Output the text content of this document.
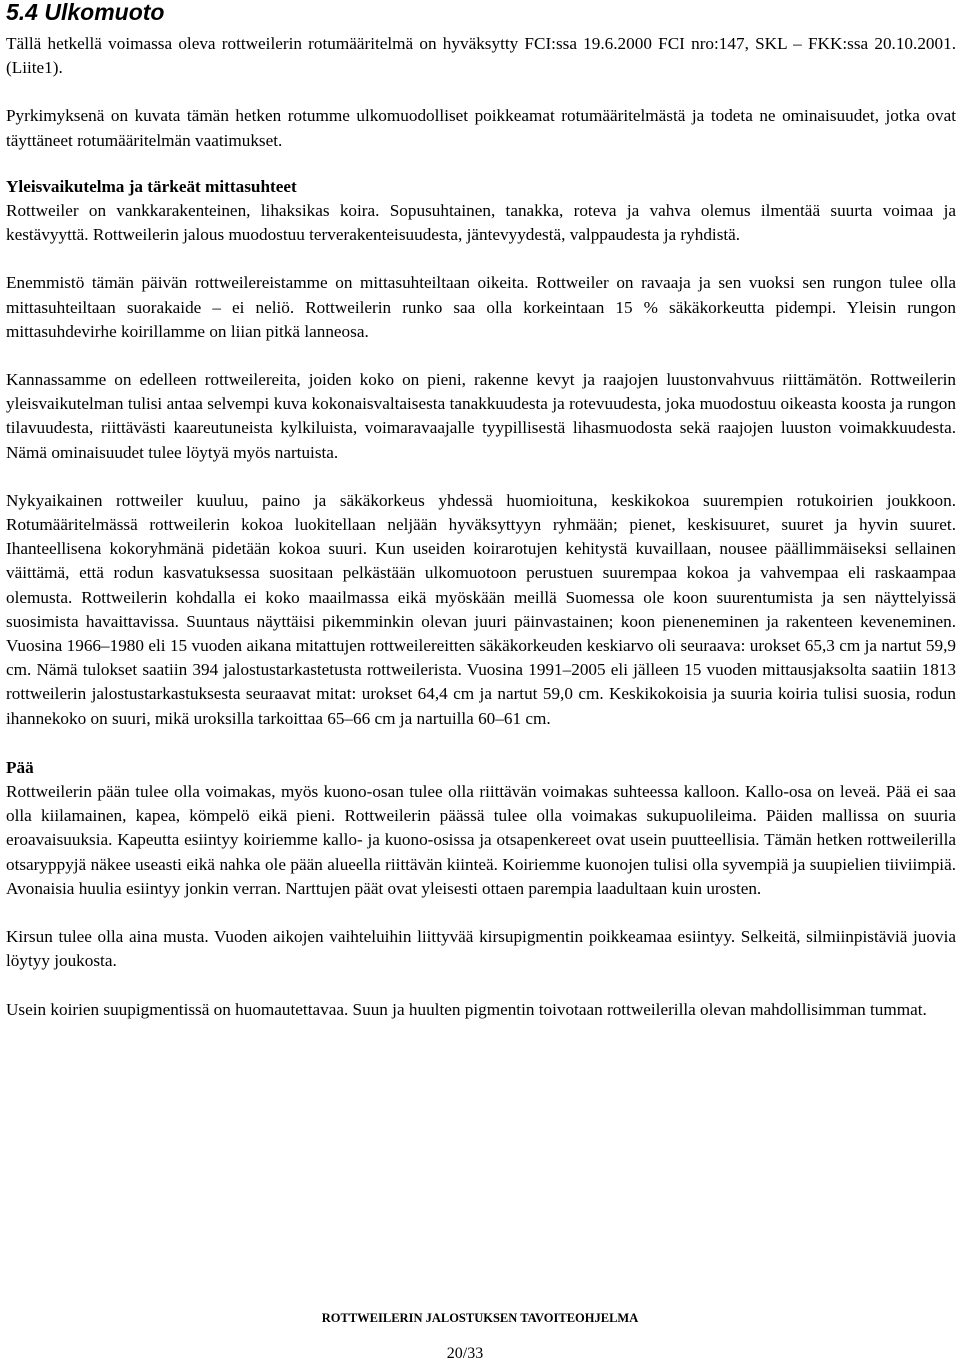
5.4 Ulkomuoto

Tällä hetkellä voimassa oleva rottweilerin rotumääritelmä on hyväksytty FCI:ssa 19.6.2000 FCI nro:147, SKL – FKK:ssa 20.10.2001. (Liite1).

Pyrkimyksenä on kuvata tämän hetken rotumme ulkomuodolliset poikkeamat rotumääritelmästä ja todeta ne ominaisuudet, jotka ovat täyttäneet rotumääritelmän vaatimukset.

Yleisvaikutelma ja tärkeät mittasuhteet

Rottweiler on vankkarakenteinen, lihaksikas koira. Sopusuhtainen, tanakka, roteva ja vahva olemus ilmentää suurta voimaa ja kestävyyttä. Rottweilerin jalous muodostuu terverakenteisuudesta, jäntevyydestä, valppaudesta ja ryhdistä.

Enemmistö tämän päivän rottweilereistamme on mittasuhteiltaan oikeita. Rottweiler on ravaaja ja sen vuoksi sen rungon tulee olla mittasuhteiltaan suorakaide – ei neliö. Rottweilerin runko saa olla korkeintaan 15 % säkäkorkeutta pidempi. Yleisin rungon mittasuhdevirhe koirillamme on liian pitkä lanneosa.

Kannassamme on edelleen rottweilereita, joiden koko on pieni, rakenne kevyt ja raajojen luustonvahvuus riittämätön. Rottweilerin yleisvaikutelman tulisi antaa selvempi kuva kokonaisvaltaisesta tanakkuudesta ja rotevuudesta, joka muodostuu oikeasta koosta ja rungon tilavuudesta, riittävästi kaareutuneista kylkiluista, voimaravaajalle tyypillisestä lihasmuodosta sekä raajojen luuston voimakkuudesta. Nämä ominaisuudet tulee löytyä myös nartuista.

Nykyaikainen rottweiler kuuluu, paino ja säkäkorkeus yhdessä huomioituna, keskikokoa suurempien rotukoirien joukkoon. Rotumääritelmässä rottweilerin kokoa luokitellaan neljään hyväksyttyyn ryhmään; pienet, keskisuuret, suuret ja hyvin suuret. Ihanteellisena kokoryhmänä pidetään kokoa suuri. Kun useiden koirarotujen kehitystä kuvaillaan, nousee päällimmäiseksi sellainen väittämä, että rodun kasvatuksessa suositaan pelkästään ulkomuotoon perustuen suurempaa kokoa ja vahvempaa eli raskaampaa olemusta. Rottweilerin kohdalla ei koko maailmassa eikä myöskään meillä Suomessa ole koon suurentumista ja sen näyttelyissä suosimista havaittavissa. Suuntaus näyttäisi pikemminkin olevan juuri päinvastainen; koon pieneneminen ja rakenteen keveneminen. Vuosina 1966–1980 eli 15 vuoden aikana mitattujen rottweilereitten säkäkorkeuden keskiarvo oli seuraava: urokset 65,3 cm ja nartut 59,9 cm. Nämä tulokset saatiin 394 jalostustarkastetusta rottweilerista. Vuosina 1991–2005 eli jälleen 15 vuoden mittausjaksolta saatiin 1813 rottweilerin jalostustarkastuksesta seuraavat mitat: urokset 64,4 cm ja nartut 59,0 cm. Keskikokoisia ja suuria koiria tulisi suosia, rodun ihannekoko on suuri, mikä uroksilla tarkoittaa 65–66 cm ja nartuilla 60–61 cm.

Pää

Rottweilerin pään tulee olla voimakas, myös kuono-osan tulee olla riittävän voimakas suhteessa kalloon. Kallo-osa on leveä. Pää ei saa olla kiilamainen, kapea, kömpelö eikä pieni. Rottweilerin päässä tulee olla voimakas sukupuolileima. Päiden mallissa on suuria eroavaisuuksia. Kapeutta esiintyy koiriemme kallo- ja kuono-osissa ja otsapenkereet ovat usein puutteellisia. Tämän hetken rottweilerilla otsaryppyjä näkee useasti eikä nahka ole pään alueella riittävän kiinteä. Koiriemme kuonojen tulisi olla syvempiä ja suupielien tiiviimpiä. Avonaisia huulia esiintyy jonkin verran. Narttujen päät ovat yleisesti ottaen parempia laadultaan kuin urosten.

Kirsun tulee olla aina musta. Vuoden aikojen vaihteluihin liittyvää kirsupigmentin poikkeamaa esiintyy. Selkeitä, silmiinpistäviä juovia löytyy joukosta.

Usein koirien suupigmentissä on huomautettavaa. Suun ja huulten pigmentin toivotaan rottweilerilla olevan mahdollisimman tummat.

ROTTWEILERIN JALOSTUKSEN TAVOITEOHJELMA
20/33
